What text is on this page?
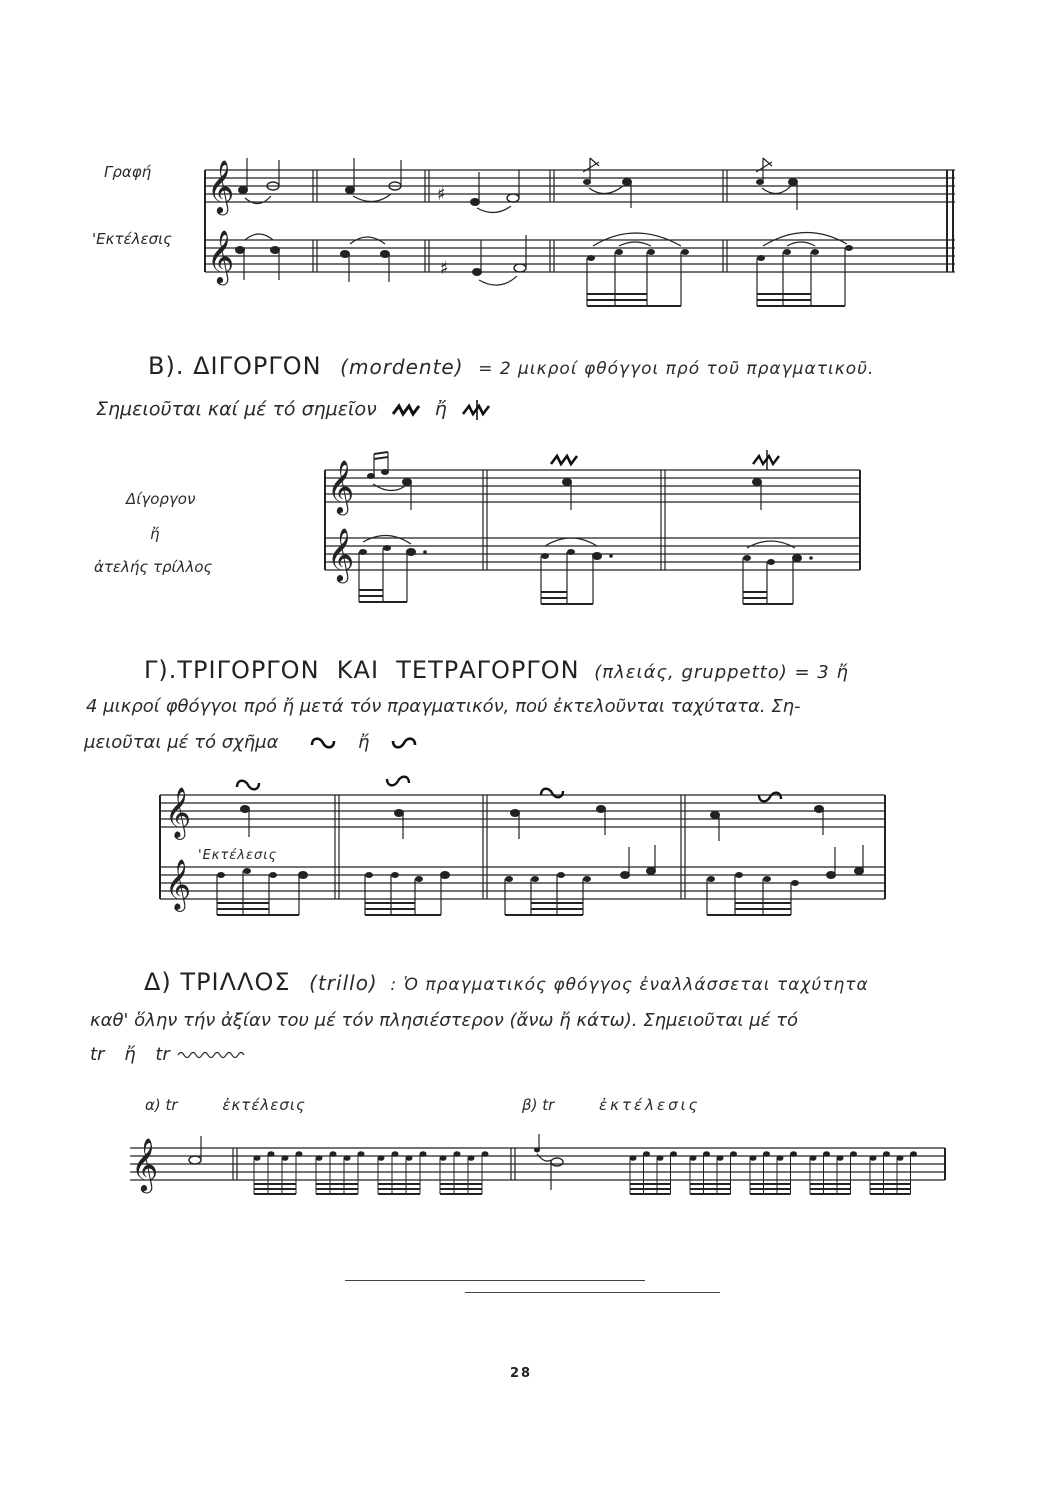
Γραφή
'Εκτέλεσις
𝄞
𝄞
♯
♯
Β). ΔΙΓΟΡΓΟΝ (mordente) = 2 μικροί φθόγγοι πρό τοῦ πραγματικοῦ.
Σημειοῦται καί μέ τό σημεῖον	ἤ
Δίγοργον
ἤ
ἀτελής τρίλλος
𝄞
𝄞
Γ).ΤΡΙΓΟΡΓΟΝ  ΚΑΙ  ΤΕΤΡΑΓΟΡΓΟΝ (πλειάς, gruppetto) = 3 ἤ
4 μικροί φθόγγοι πρό ἤ μετά τόν πραγματικόν, πού ἐκτελοῦνται ταχύτατα. Ση-
μειοῦται μέ τό σχῆμα	ἤ
'Εκτέλεσις
𝄞
𝄞
Δ) ΤΡΙΛΛΟΣ (trillo) : Ὁ πραγματικός φθόγγος ἐναλλάσσεται ταχύτητα
καθ' ὅλην τήν ἀξίαν του μέ τόν πλησιέστερον (ἄνω ἤ κάτω). Σημειοῦται μέ τό
tr ἤ tr
α) tr	ἐκτέλεσις	β) tr	ἐκτέλεσις
𝄞
28
